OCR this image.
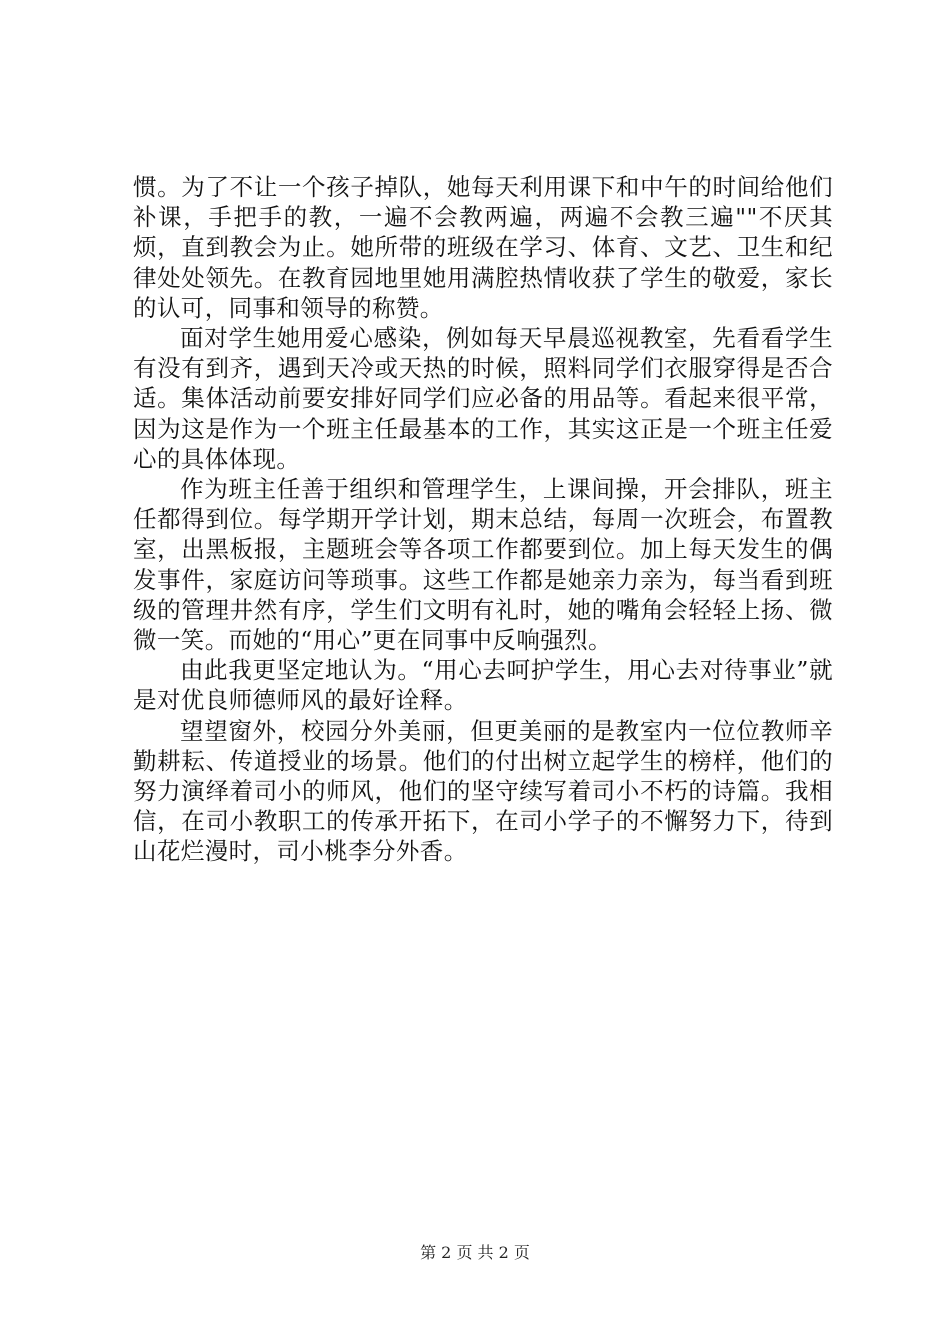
惯。为了不让一个孩子掉队，她每天利用课下和中午的时间给他们补课，手把手的教，一遍不会教两遍，两遍不会教三遍""不厌其烦，直到教会为止。她所带的班级在学习、体育、文艺、卫生和纪律处处领先。在教育园地里她用满腔热情收获了学生的敬爱，家长的认可，同事和领导的称赞。

面对学生她用爱心感染，例如每天早晨巡视教室，先看看学生有没有到齐，遇到天冷或天热的时候，照料同学们衣服穿得是否合适。集体活动前要安排好同学们应必备的用品等。看起来很平常，因为这是作为一个班主任最基本的工作，其实这正是一个班主任爱心的具体体现。

作为班主任善于组织和管理学生，上课间操，开会排队，班主任都得到位。每学期开学计划，期末总结，每周一次班会，布置教室，出黑板报，主题班会等各项工作都要到位。加上每天发生的偶发事件，家庭访问等琐事。这些工作都是她亲力亲为，每当看到班级的管理井然有序，学生们文明有礼时，她的嘴角会轻轻上扬、微微一笑。而她的“用心”更在同事中反响强烈。

由此我更坚定地认为。“用心去呵护学生，用心去对待事业”就是对优良师德师风的最好诠释。

望望窗外，校园分外美丽，但更美丽的是教室内一位位教师辛勤耕耘、传道授业的场景。他们的付出树立起学生的榜样，他们的努力演绎着司小的师风，他们的坚守续写着司小不朽的诗篇。我相信，在司小教职工的传承开拓下，在司小学子的不懈努力下，待到山花烂漫时，司小桃李分外香。

第 2 页 共 2 页
